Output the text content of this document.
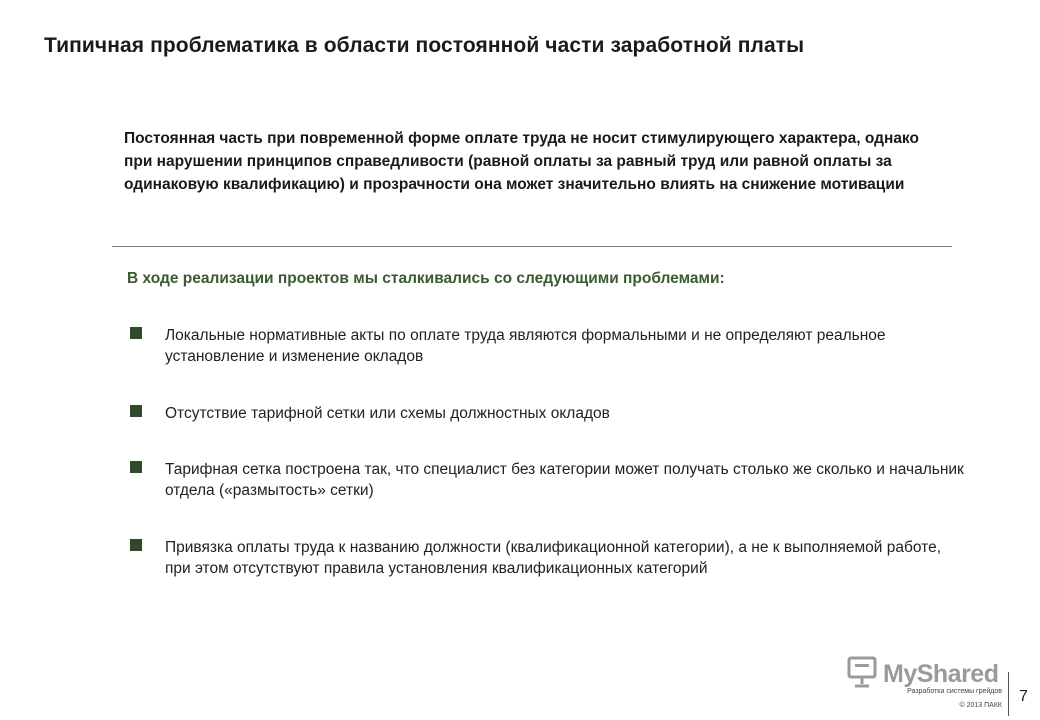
Типичная проблематика в области постоянной части заработной платы
Постоянная часть при повременной форме оплате труда не носит стимулирующего характера, однако при нарушении принципов справедливости (равной оплаты за равный труд или равной оплаты за одинаковую квалификацию) и прозрачности она может значительно влиять на снижение мотивации
В ходе реализации проектов мы сталкивались со следующими проблемами:
Локальные нормативные акты по оплате труда являются формальными и не определяют реальное установление и изменение окладов
Отсутствие тарифной сетки или схемы должностных окладов
Тарифная сетка построена так, что специалист без категории может получать столько же сколько и начальник отдела («размытость» сетки)
Привязка оплаты труда к названию должности (квалификационной категории), а не к выполняемой работе, при этом отсутствуют правила установления квалификационных категорий
MyShared
Разработка системы грейдов
© 2013 ПАКК
7
